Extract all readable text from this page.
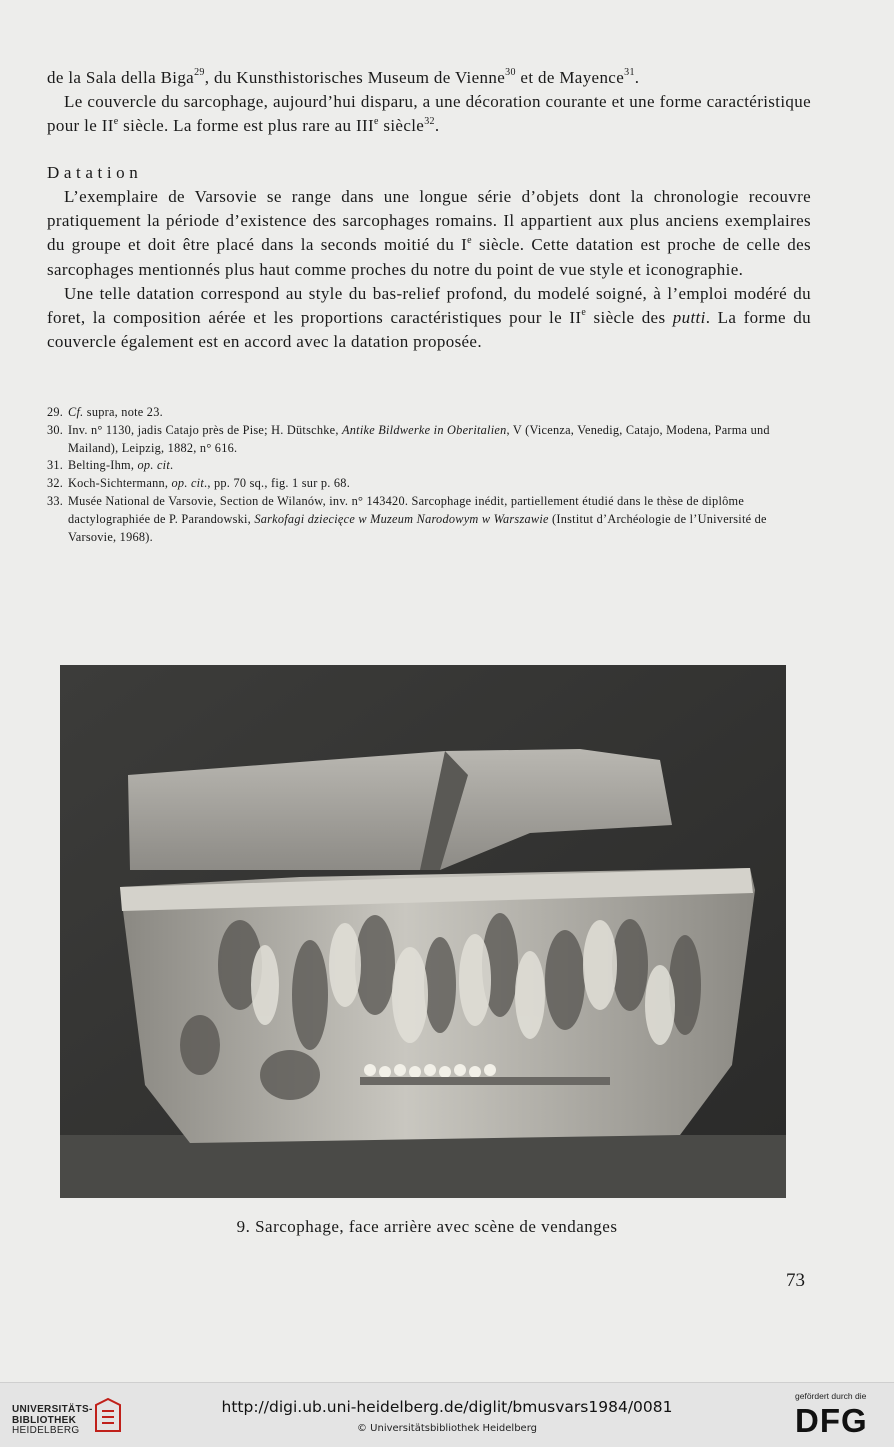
de la Sala della Biga$^{29}$, du Kunsthistorisches Museum de Vienne$^{30}$ et de Mayence$^{31}$.

Le couvercle du sarcophage, aujourd’hui disparu, a une décoration courante et une forme caractéristique pour le IIe siècle. La forme est plus rare au IIIe siècle$^{32}$.

Datation

L’exemplaire de Varsovie se range dans une longue série d’objets dont la chronologie recouvre pratiquement la période d’existence des sarcophages romains. Il appartient aux plus anciens exemplaires du groupe et doit être placé dans la seconds moitié du Ie siècle. Cette datation est proche de celle des sarcophages mentionnés plus haut comme proches du notre du point de vue style et iconographie.

Une telle datation correspond au style du bas-relief profond, du modelé soigné, à l’emploi modéré du foret, la composition aérée et les proportions caractéristiques pour le IIe siècle des putti. La forme du couvercle également est en accord avec la datation proposée.

29. Cf. supra, note 23.
30. Inv. n° 1130, jadis Catajo près de Pise; H. Dütschke, Antike Bildwerke in Oberitalien, V (Vicenza, Venedig, Catajo, Modena, Parma und Mailand), Leipzig, 1882, n° 616.
31. Belting-Ihm, op. cit.
32. Koch-Sichtermann, op. cit., pp. 70 sq., fig. 1 sur p. 68.
33. Musée National de Varsovie, Section de Wilanów, inv. n° 143420. Sarcophage inédit, partiellement étudié dans le thèse de diplôme dactylographiée de P. Parandowski, Sarkofagi dziecięce w Muzeum Narodowym w Warszawie (Institut d’Archéologie de l’Université de Varsovie, 1968).
9. Sarcophage, face arrière avec scène de vendanges
73
UNIVERSITÄTS-
BIBLIOTHEK
HEIDELBERG
http://digi.ub.uni-heidelberg.de/diglit/bmusvars1984/0081
© Universitätsbibliothek Heidelberg
gefördert durch die
DFG
